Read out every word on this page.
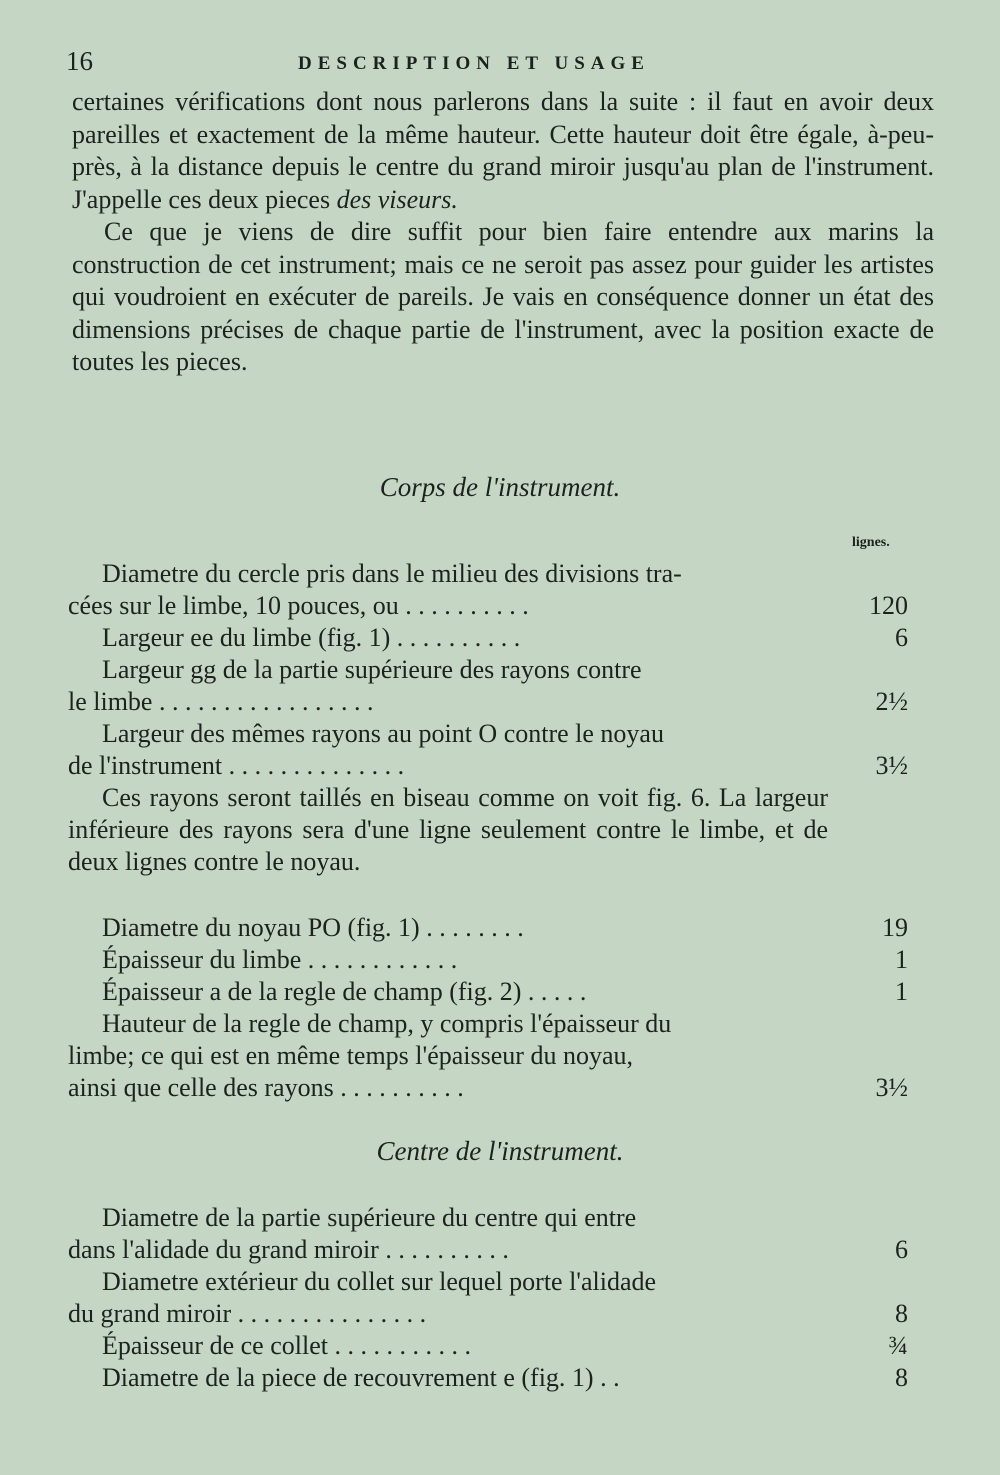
16	DESCRIPTION ET USAGE

certaines vérifications dont nous parlerons dans la suite : il faut en avoir deux pareilles et exactement de la même hauteur. Cette hauteur doit être égale, à-peu-près, à la distance depuis le centre du grand miroir jusqu'au plan de l'instrument. J'appelle ces deux pieces des viseurs.

Ce que je viens de dire suffit pour bien faire entendre aux marins la construction de cet instrument; mais ce ne seroit pas assez pour guider les artistes qui voudroient en exécuter de pareils. Je vais en conséquence donner un état des dimensions précises de chaque partie de l'instrument, avec la position exacte de toutes les pieces.

Corps de l'instrument.
lignes.
Diametre du cercle pris dans le milieu des divisions tra-
cées sur le limbe, 10 pouces, ou . . . . . . . . . .	120
Largeur ee du limbe (fig. 1) . . . . . . . . . .	6
Largeur gg de la partie supérieure des rayons contre
le limbe . . . . . . . . . . . . . . . . .	2½
Largeur des mêmes rayons au point O contre le noyau
de l'instrument . . . . . . . . . . . . . .	3½
Ces rayons seront taillés en biseau comme on voit fig. 6. La largeur inférieure des rayons sera d'une ligne seulement contre le limbe, et de deux lignes contre le noyau.
Diametre du noyau PO (fig. 1) . . . . . . . .	19
Épaisseur du limbe . . . . . . . . . . . .	1
Épaisseur a de la regle de champ (fig. 2) . . . . .	1
Hauteur de la regle de champ, y compris l'épaisseur du
limbe; ce qui est en même temps l'épaisseur du noyau,
ainsi que celle des rayons . . . . . . . . . .	3½
Centre de l'instrument.
Diametre de la partie supérieure du centre qui entre
dans l'alidade du grand miroir . . . . . . . . . .	6
Diametre extérieur du collet sur lequel porte l'alidade
du grand miroir . . . . . . . . . . . . . . .	8
Épaisseur de ce collet . . . . . . . . . . .	¾
Diametre de la piece de recouvrement e (fig. 1) . .	8
